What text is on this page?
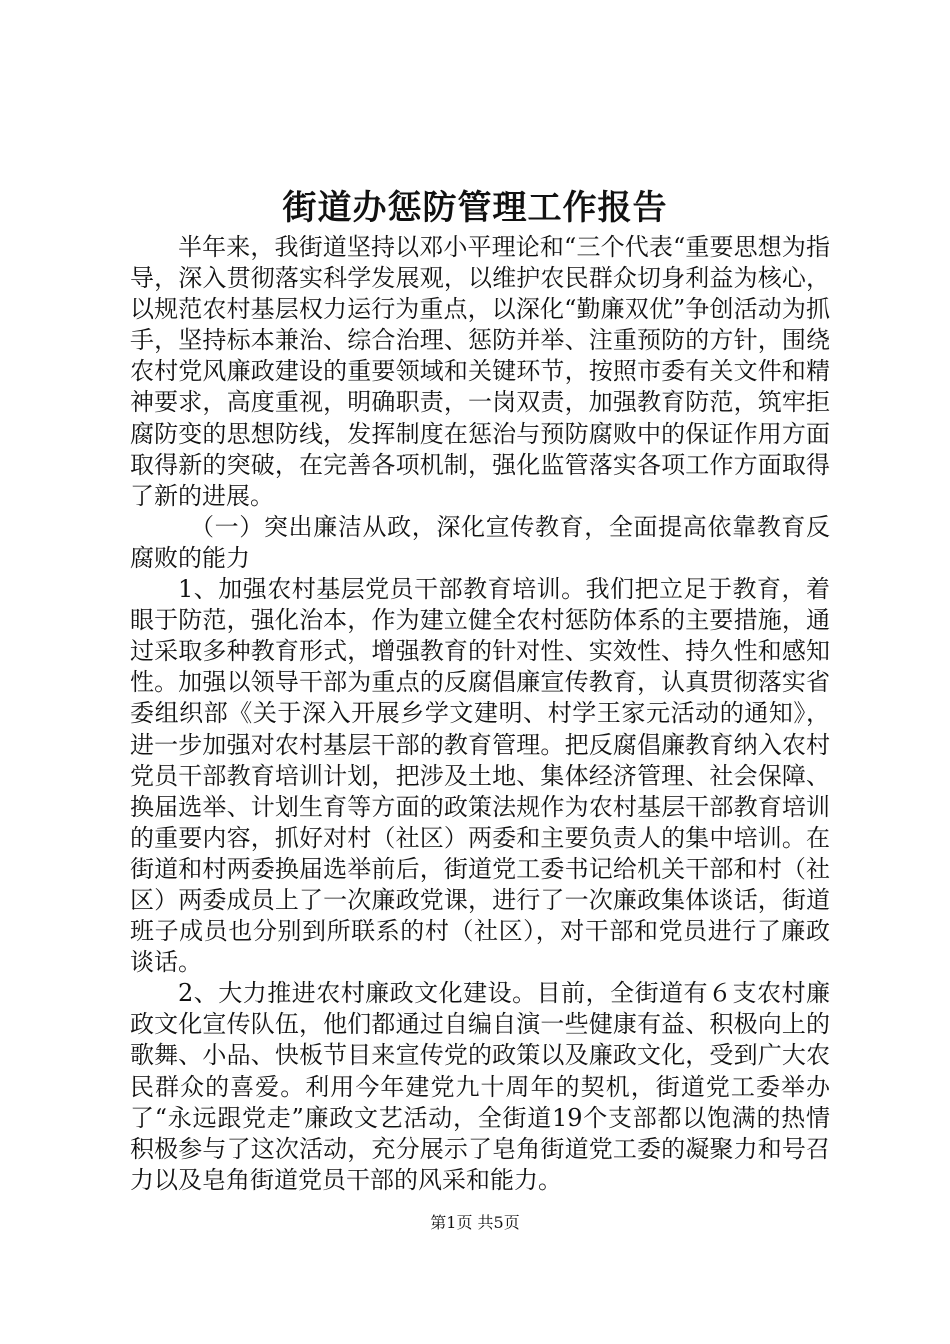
街道办惩防管理工作报告

半年来，我街道坚持以邓小平理论和“三个代表“重要思想为指导，深入贯彻落实科学发展观，以维护农民群众切身利益为核心，以规范农村基层权力运行为重点，以深化“勤廉双优”争创活动为抓手，坚持标本兼治、综合治理、惩防并举、注重预防的方针，围绕农村党风廉政建设的重要领域和关键环节，按照市委有关文件和精神要求，高度重视，明确职责，一岗双责，加强教育防范，筑牢拒腐防变的思想防线，发挥制度在惩治与预防腐败中的保证作用方面取得新的突破，在完善各项机制，强化监管落实各项工作方面取得了新的进展。

（一）突出廉洁从政，深化宣传教育，全面提高依靠教育反腐败的能力

1、加强农村基层党员干部教育培训。我们把立足于教育，着眼于防范，强化治本，作为建立健全农村惩防体系的主要措施，通过采取多种教育形式，增强教育的针对性、实效性、持久性和感知性。加强以领导干部为重点的反腐倡廉宣传教育，认真贯彻落实省委组织部《关于深入开展乡学文建明、村学王家元活动的通知》，进一步加强对农村基层干部的教育管理。把反腐倡廉教育纳入农村党员干部教育培训计划，把涉及土地、集体经济管理、社会保障、换届选举、计划生育等方面的政策法规作为农村基层干部教育培训的重要内容，抓好对村（社区）两委和主要负责人的集中培训。在街道和村两委换届选举前后，街道党工委书记给机关干部和村（社区）两委成员上了一次廉政党课，进行了一次廉政集体谈话，街道班子成员也分别到所联系的村（社区），对干部和党员进行了廉政谈话。

2、大力推进农村廉政文化建设。目前，全街道有６支农村廉政文化宣传队伍，他们都通过自编自演一些健康有益、积极向上的歌舞、小品、快板节目来宣传党的政策以及廉政文化，受到广大农民群众的喜爱。利用今年建党九十周年的契机，街道党工委举办了“永远跟党走”廉政文艺活动，全街道19个支部都以饱满的热情积极参与了这次活动，充分展示了皂角街道党工委的凝聚力和号召力以及皂角街道党员干部的风采和能力。

第1页 共5页
